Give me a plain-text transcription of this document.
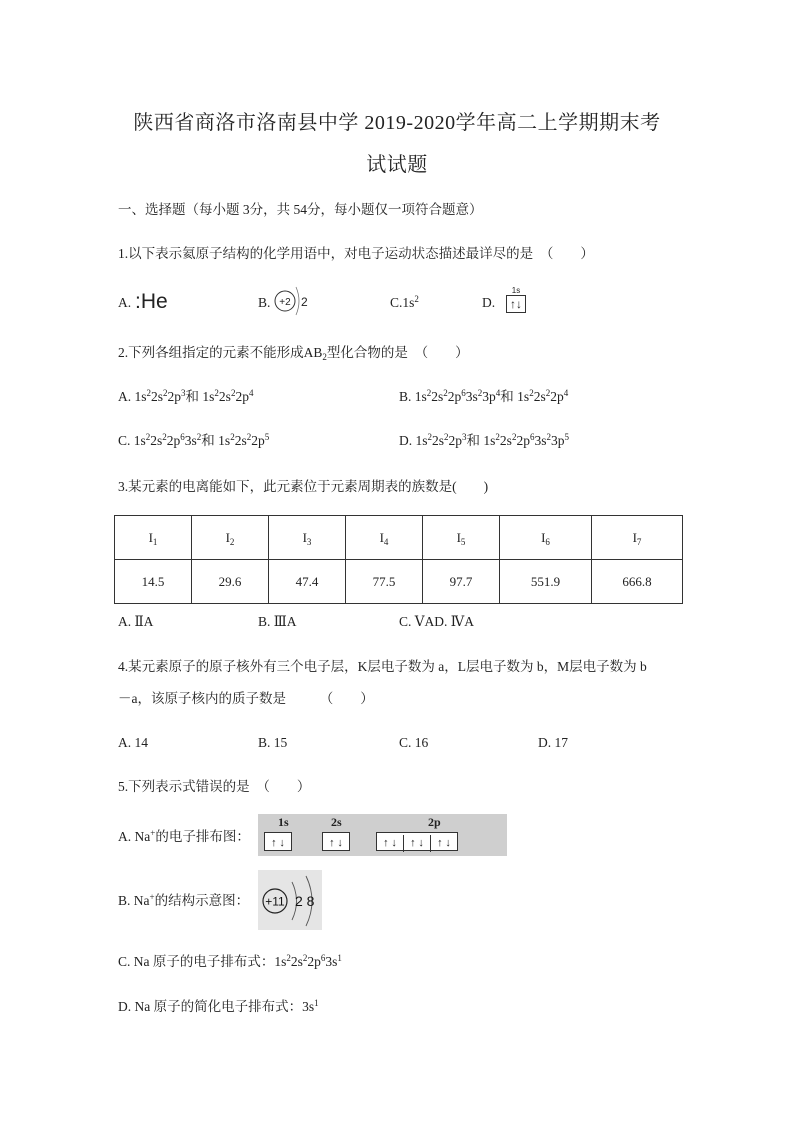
陕西省商洛市洛南县中学 2019-2020学年高二上学期期末考
试试题
一、选择题（每小题 3分，共 54分，每小题仅一项符合题意）
1.以下表示氦原子结构的化学用语中，对电子运动状态描述最详尽的是　（　　）
A. :He	B. +2 2	$C.1s^2$	D.
1s
↑↓
2.下列各组指定的元素不能形成$AB_2$型化合物的是　（　　）
A. $1s^22s^22p^3$和 $1s^22s^22p^4$	B. $1s^22s^22p^63s^23p^4$和 $1s^22s^22p^4$
C. $1s^22s^22p^63s^2$和 $1s^22s^22p^5$	D. $1s^22s^22p^3$和 $1s^22s^22p^63s^23p^5$
3.某元素的电离能如下，此元素位于元素周期表的族数是(　　)
$I_1$	$I_2$	$I_3$	$I_4$	$I_5$	$I_6$	$I_7$
14.5	29.6	47.4	77.5	97.7	551.9	666.8
A. ⅡA	B. ⅢA	C. ⅤAD. ⅣA
4.某元素原子的原子核外有三个电子层，K层电子数为 a，L层电子数为 b，M层电子数为 b
－a，该原子核内的质子数是　　　（　　）
A. 14	B. 15	C. 16	D. 17
5.下列表示式错误的是　（　　）
A. Na+的电子排布图：
1s	2s	2p
↑ ↓	↑ ↓	↑ ↓ ↑ ↓ ↑ ↓
B. Na+的结构示意图： +11 2 8
C. Na 原子的电子排布式：$1s^22s^22p^63s^1$
D. Na 原子的简化电子排布式：$3s^1$
